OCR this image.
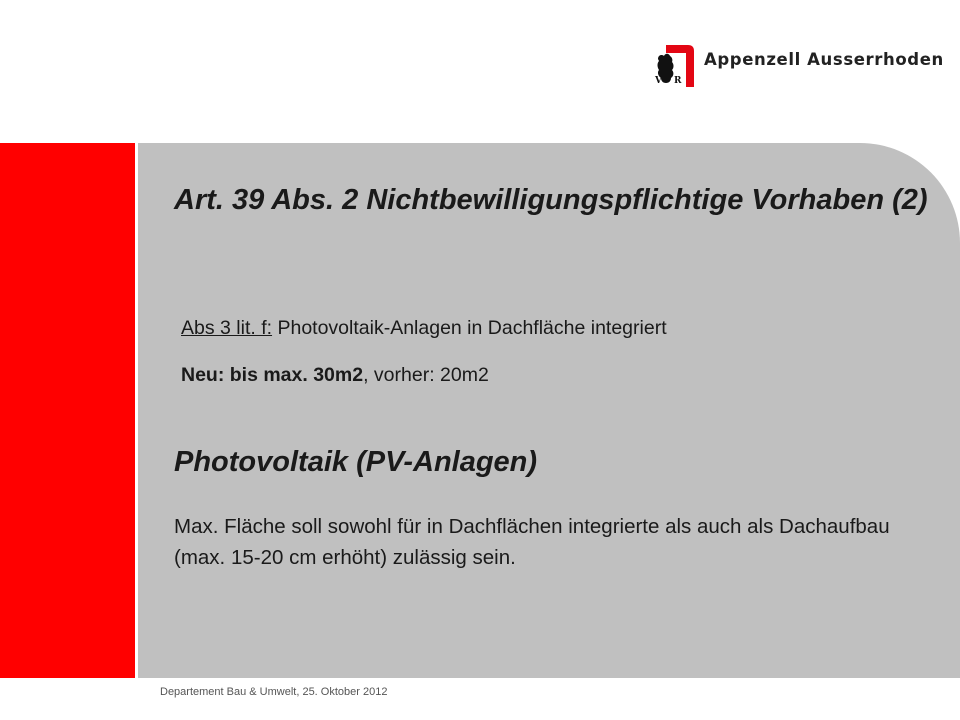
V R
Appenzell Ausserrhoden
Art. 39 Abs. 2 Nichtbewilligungspflichtige Vorhaben (2)

Abs 3 lit. f: Photovoltaik-Anlagen in Dachfläche integriert

Neu: bis max. 30m2, vorher: 20m2

Photovoltaik (PV-Anlagen)

Max. Fläche soll sowohl für in Dachflächen integrierte als auch als Dachaufbau (max. 15-20 cm erhöht) zulässig sein.

Departement Bau & Umwelt, 25. Oktober 2012
